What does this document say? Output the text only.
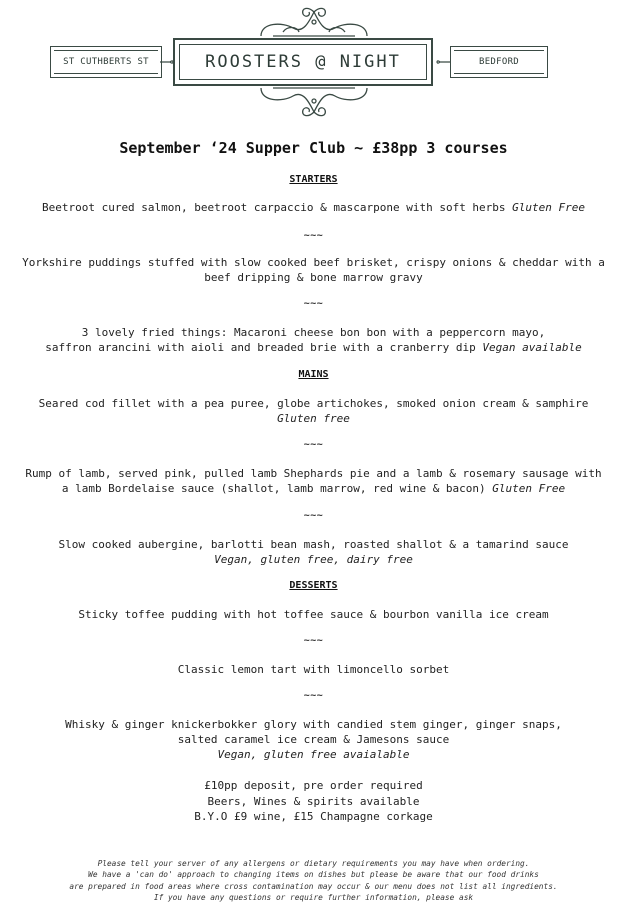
ST CUTHBERTS ST	ROOSTERS @ NIGHT	BEDFORD
September ‘24 Supper Club ~ £38pp 3 courses
STARTERS
Beetroot cured salmon, beetroot carpaccio & mascarpone with soft herbs Gluten Free
~~~
Yorkshire puddings stuffed with slow cooked beef brisket, crispy onions & cheddar with a
beef dripping & bone marrow gravy
~~~
3 lovely fried things: Macaroni cheese bon bon with a peppercorn mayo,
saffron arancini with aioli and breaded brie with a cranberry dip Vegan available
MAINS
Seared cod fillet with a pea puree, globe artichokes, smoked onion cream & samphire
Gluten free
~~~
Rump of lamb, served pink, pulled lamb Shephards pie and a lamb & rosemary sausage with
a lamb Bordelaise sauce (shallot, lamb marrow, red wine & bacon) Gluten Free
~~~
Slow cooked aubergine, barlotti bean mash, roasted shallot & a tamarind sauce
Vegan, gluten free, dairy free
DESSERTS
Sticky toffee pudding with hot toffee sauce & bourbon vanilla ice cream
~~~
Classic lemon tart with limoncello sorbet
~~~
Whisky & ginger knickerbokker glory with candied stem ginger, ginger snaps,
salted caramel ice cream & Jamesons sauce
Vegan, gluten free avaialable
£10pp deposit, pre order required
Beers, Wines & spirits available
B.Y.O £9 wine, £15 Champagne corkage
Please tell your server of any allergens or dietary requirements you may have when ordering.
We have a 'can do' approach to changing items on dishes but please be aware that our food drinks
are prepared in food areas where cross contamination may occur & our menu does not list all ingredients.
If you have any questions or require further information, please ask
